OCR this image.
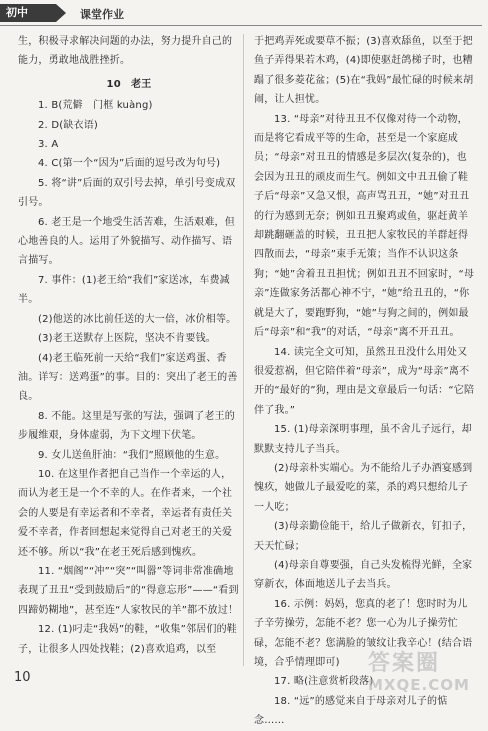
初中	课堂作业

生，积极寻求解决问题的办法，努力提升自己的能力，勇敢地战胜挫折。

10　老王

1. B(荒僻　门框 kuàng)

2. D(缺衣语)

3. A

4. C(第一个“因为”后面的逗号改为句号)

5. 将“讲”后面的双引号去掉，单引号变成双引号。

6. 老王是一个地受生活苦难，生活艰难，但心地善良的人。运用了外貌描写、动作描写、语言描写。

7. 事件：(1)老王给“我们”家送冰，车费减半。

(2)他送的冰比前任送的大一倍，冰价相等。

(3)老王送默存上医院，坚决不肯要钱。

(4)老王临死前一天给“我们”家送鸡蛋、香油。详写：送鸡蛋”的事。目的：突出了老王的善良。

8. 不能。这里是写张的写法，强调了老王的步履维艰，身体虚弱，为下文埋下伏笔。

9. 女儿送鱼肝油：“我们”照顾他的生意。

10. 在这里作者把自己当作一个幸运的人，而认为老王是一个不幸的人。在作者来，一个社会的人要是有幸运者和不幸者，幸运者有责任关爱不幸者，作者回想起来觉得自己对老王的关爱还不够。所以“我”在老王死后感到愧疚。

11. “烟阁”“冲”“突”“叫嚣”等词非常准确地表现了丑丑“受到鼓励后”的“得意忘形”——“看到四蹄奶糊地”，甚至连“人家牧民的羊”都不放过！

12. (1)叼走“我妈”的鞋，“收集”邻居们的鞋子，让很多人四处找鞋；(2)喜欢追鸡，以至

于把鸡弄死或要草不振；(3)喜欢舔鱼，以至于把鱼子弄得果若木鸡，(4)即使驱赶鸽梯子时，也糟蹋了很多菱花盆；(5)在“我妈”最忙碌的时候来胡闹，让人担忧。

13. “母亲”对待丑丑不仅像对待一个动物，而是将它看成平等的生命，甚至是一个家庭成员；“母亲”对丑丑的情感是多层次(复杂的)，也会因为丑丑的顽皮而生气。例如文中丑丑偷了鞋子后“母亲”又急又恨，高声骂丑丑，“她”对丑丑的行为感到无奈；例如丑丑聚鸡或鱼，驱赶黄羊却跳翻砸盖的时候，丑丑把人家牧民的羊群赶得四散而去，“母亲”束手无策；当作不认识这条狗；“她”舍着丑丑担忧；例如丑丑不回家时，“母亲”连做家务活都心神不宁，“她”给丑丑的，“你就是大了，要跑野狗，“她”与狗之间的，例如最后“母亲”和“我”的对话，“母亲”离不开丑丑。

14. 读完全文可知，虽然丑丑没什么用处又很爱惹祸，但它陪伴着“母亲”，成为“母亲”离不开的“最好的”狗，理由是文章最后一句话：“它陪伴了我。”

15. (1)母亲深明事理，虽不舍儿子远行，却默默支持儿子当兵。

(2)母亲朴实端心。为不能给儿子办酒宴感到愧疚，她做儿子最爱吃的菜，杀的鸡只想给儿子一人吃；

(3)母亲勤俭能干，给儿子做新衣，钉扣子，天天忙碌；

(4)母亲自尊要强，自己头发梳得光鲜，全家穿新衣，体面地送儿子去当兵。

16. 示例：妈妈，您真的老了！您时时为儿子辛劳操劳，怎能不老？您一心为儿子操劳忙碌，怎能不老？您满脸的皱纹让我辛心！(结合语境，合乎情理即可)

17. 略(注意赏析段落)

18. “远”的感觉来自于母亲对儿子的惦念……

10
答案圈
MXQE.COM
